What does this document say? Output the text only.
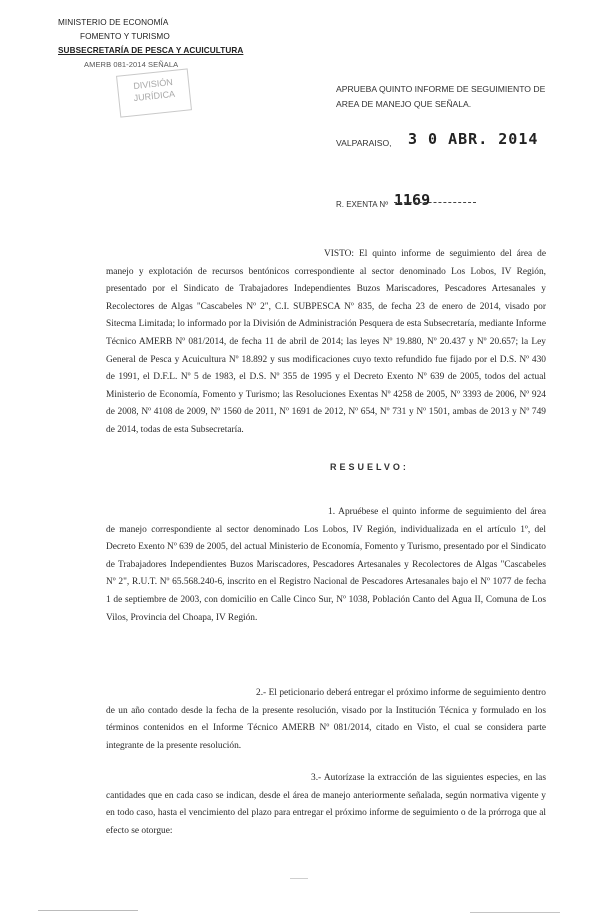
MINISTERIO DE ECONOMÍA
FOMENTO Y TURISMO
SUBSECRETARÍA DE PESCA Y ACUICULTURA
AMERB 081-2014 SEÑALA
DIVISIÓN
JURÍDICA	APRUEBA QUINTO INFORME DE SEGUIMIENTO DE AREA DE MANEJO QUE SEÑALA.
VALPARAISO, 3 0 ABR. 2014
R. EXENTA Nº 1169
VISTO: El quinto informe de seguimiento del área de manejo y explotación de recursos bentónicos correspondiente al sector denominado Los Lobos, IV Región, presentado por el Sindicato de Trabajadores Independientes Buzos Mariscadores, Pescadores Artesanales y Recolectores de Algas "Cascabeles Nº 2", C.I. SUBPESCA Nº 835, de fecha 23 de enero de 2014, visado por Sitecma Limitada; lo informado por la División de Administración Pesquera de esta Subsecretaría, mediante Informe Técnico AMERB Nº 081/2014, de fecha 11 de abril de 2014; las leyes Nº 19.880, Nº 20.437 y Nº 20.657; la Ley General de Pesca y Acuicultura Nº 18.892 y sus modificaciones cuyo texto refundido fue fijado por el D.S. Nº 430 de 1991, el D.F.L. Nº 5 de 1983, el D.S. Nº 355 de 1995 y el Decreto Exento Nº 639 de 2005, todos del actual Ministerio de Economía, Fomento y Turismo; las Resoluciones Exentas Nº 4258 de 2005, Nº 3393 de 2006, Nº 924 de 2008, Nº 4108 de 2009, Nº 1560 de 2011, Nº 1691 de 2012, Nº 654, Nº 731 y Nº 1501, ambas de 2013 y Nº 749 de 2014, todas de esta Subsecretaría.
RESUELVO:
1. Apruébese el quinto informe de seguimiento del área de manejo correspondiente al sector denominado Los Lobos, IV Región, individualizada en el artículo 1º, del Decreto Exento Nº 639 de 2005, del actual Ministerio de Economía, Fomento y Turismo, presentado por el Sindicato de Trabajadores Independientes Buzos Mariscadores, Pescadores Artesanales y Recolectores de Algas "Cascabeles Nº 2", R.U.T. Nº 65.568.240-6, inscrito en el Registro Nacional de Pescadores Artesanales bajo el Nº 1077 de fecha 1 de septiembre de 2003, con domicilio en Calle Cinco Sur, Nº 1038, Población Canto del Agua II, Comuna de Los Vilos, Provincia del Choapa, IV Región.
2.- El peticionario deberá entregar el próximo informe de seguimiento dentro de un año contado desde la fecha de la presente resolución, visado por la Institución Técnica y formulado en los términos contenidos en el Informe Técnico AMERB Nº 081/2014, citado en Visto, el cual se considera parte integrante de la presente resolución.
3.- Autorízase la extracción de las siguientes especies, en las cantidades que en cada caso se indican, desde el área de manejo anteriormente señalada, según normativa vigente y en todo caso, hasta el vencimiento del plazo para entregar el próximo informe de seguimiento o de la prórroga que al efecto se otorgue:
